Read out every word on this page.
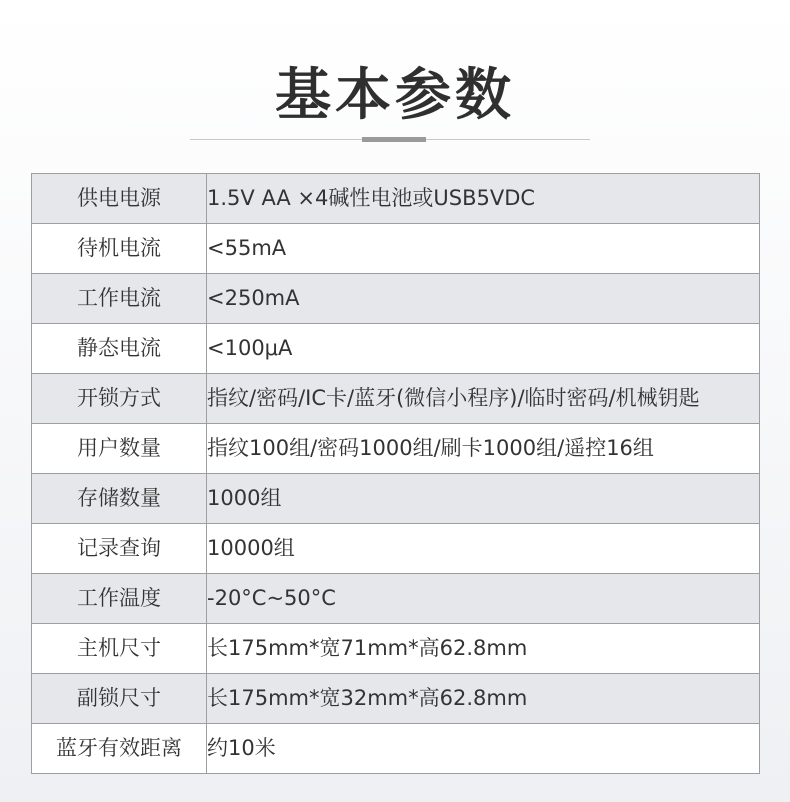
基本参数
供电电源	1.5V AA ×4碱性电池或USB5VDC
待机电流	<55mA
工作电流	<250mA
静态电流	<100μA
开锁方式	指纹/密码/IC卡/蓝牙(微信小程序)/临时密码/机械钥匙
用户数量	指纹100组/密码1000组/刷卡1000组/遥控16组
存储数量	1000组
记录查询	10000组
工作温度	-20°C~50°C
主机尺寸	长175mm*宽71mm*高62.8mm
副锁尺寸	长175mm*宽32mm*高62.8mm
蓝牙有效距离	约10米
